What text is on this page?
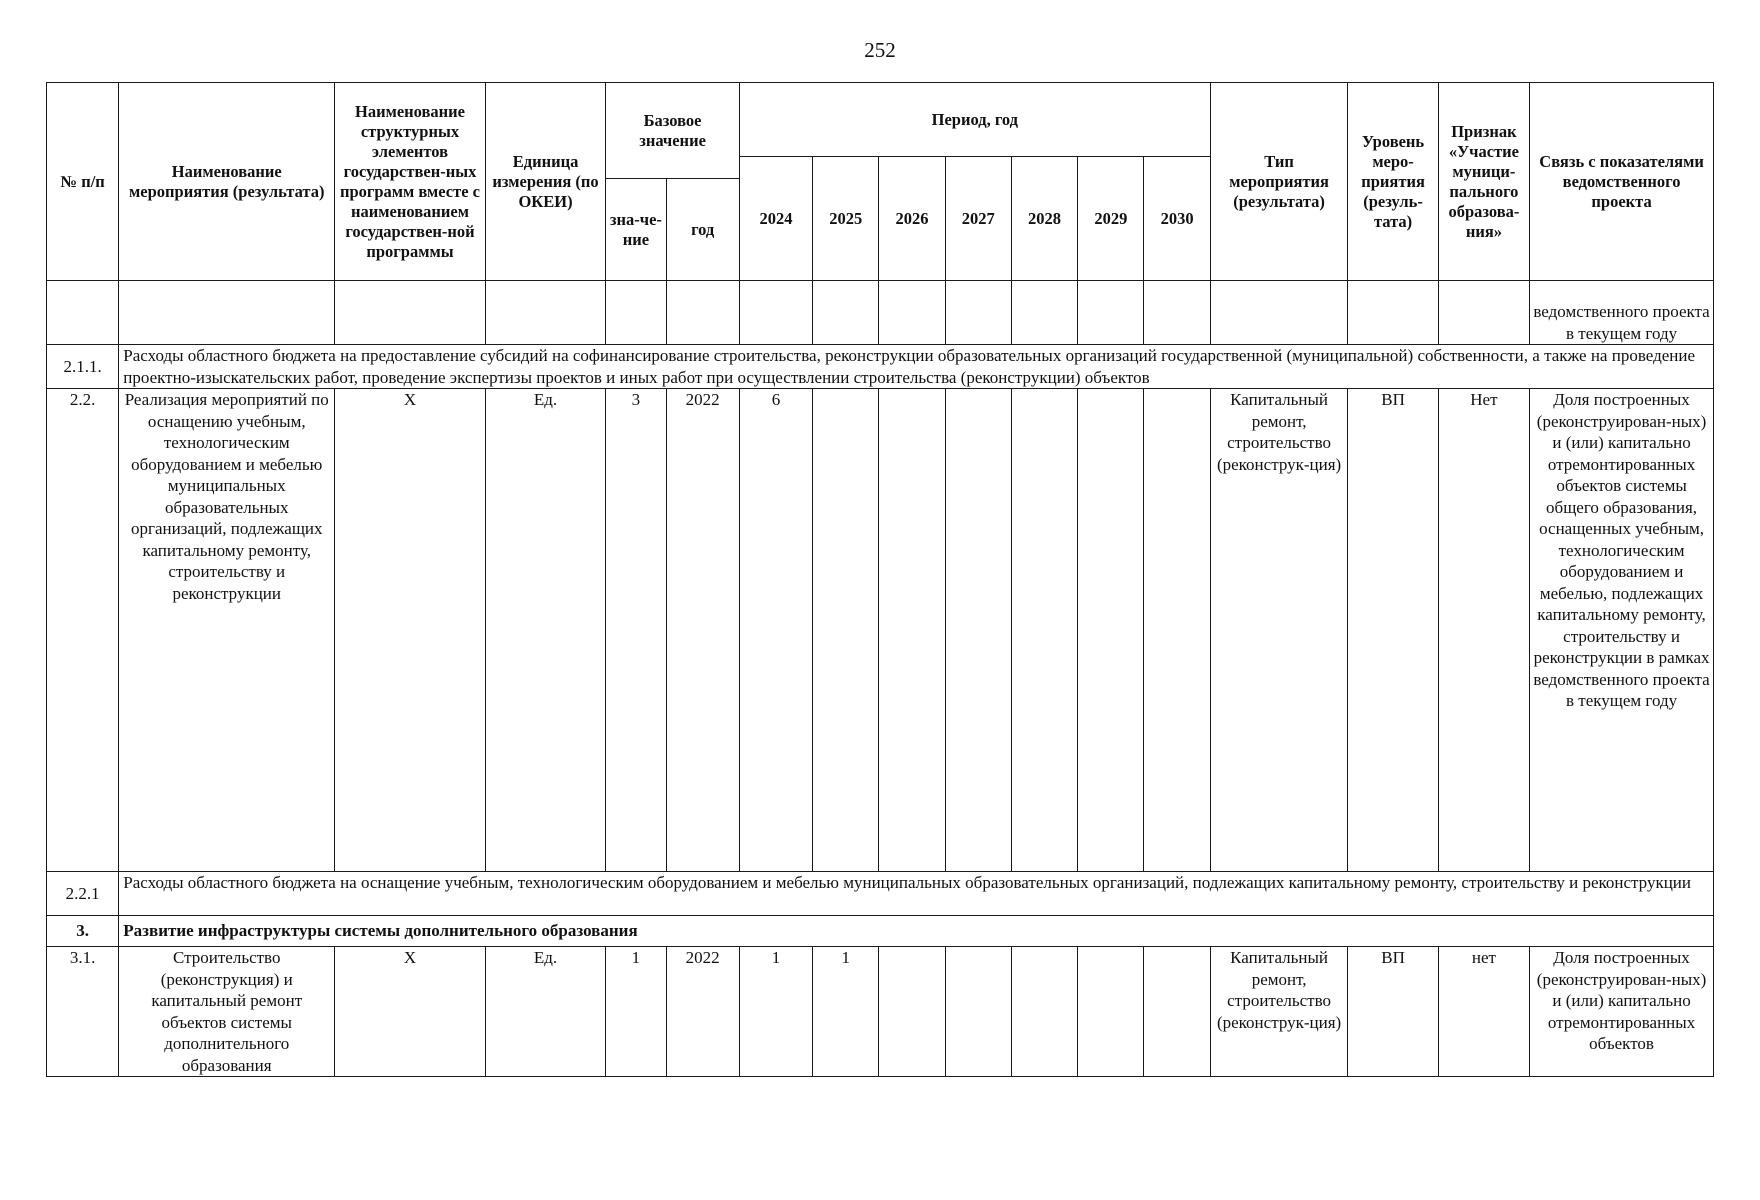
252
№ п/п	Наименование мероприятия (результата)	Наименование структурных элементов государствен-ных программ вместе с наименованием государствен-ной программы	Единица измерения (по ОКЕИ)	Базовое значение		Период, год							Тип мероприятия (результата)	Уровень меро-приятия (резуль-тата)	Признак «Участие муници-пального образова-ния»	Связь с показателями ведомственного проекта
						2024	2025	2026	2027	2028	2029	2030				
				зна-че-ние	год											
																ведомственного проекта в текущем году
2.1.1.	Расходы областного бюджета на предоставление субсидий на софинансирование строительства, реконструкции образовательных организаций государственной (муниципальной) собственности, а также на проведение проектно-изыскательских работ, проведение экспертизы проектов и иных работ при осуществлении строительства (реконструкции) объектов															
2.2.	Реализация мероприятий по оснащению учебным, технологическим оборудованием и мебелью муниципальных образовательных организаций, подлежащих капитальному ремонту, строительству и реконструкции	Х	Ед.	3	2022	6							Капитальный ремонт, строительство (реконструк-ция)	ВП	Нет	Доля построенных (реконструирован-ных) и (или) капитально отремонтированных объектов системы общего образования, оснащенных учебным, технологическим оборудованием и мебелью, подлежащих капитальному ремонту, строительству и реконструкции в рамках ведомственного проекта в текущем году
2.2.1	Расходы областного бюджета на оснащение учебным, технологическим оборудованием и мебелью муниципальных образовательных организаций, подлежащих капитальному ремонту, строительству и реконструкции															
3.	Развитие инфраструктуры системы дополнительного образования															
3.1.	Строительство (реконструкция) и капитальный ремонт объектов системы дополнительного образования	Х	Ед.	1	2022	1	1						Капитальный ремонт, строительство (реконструк-ция)	ВП	нет	Доля построенных (реконструирован-ных) и (или) капитально отремонтированных объектов
